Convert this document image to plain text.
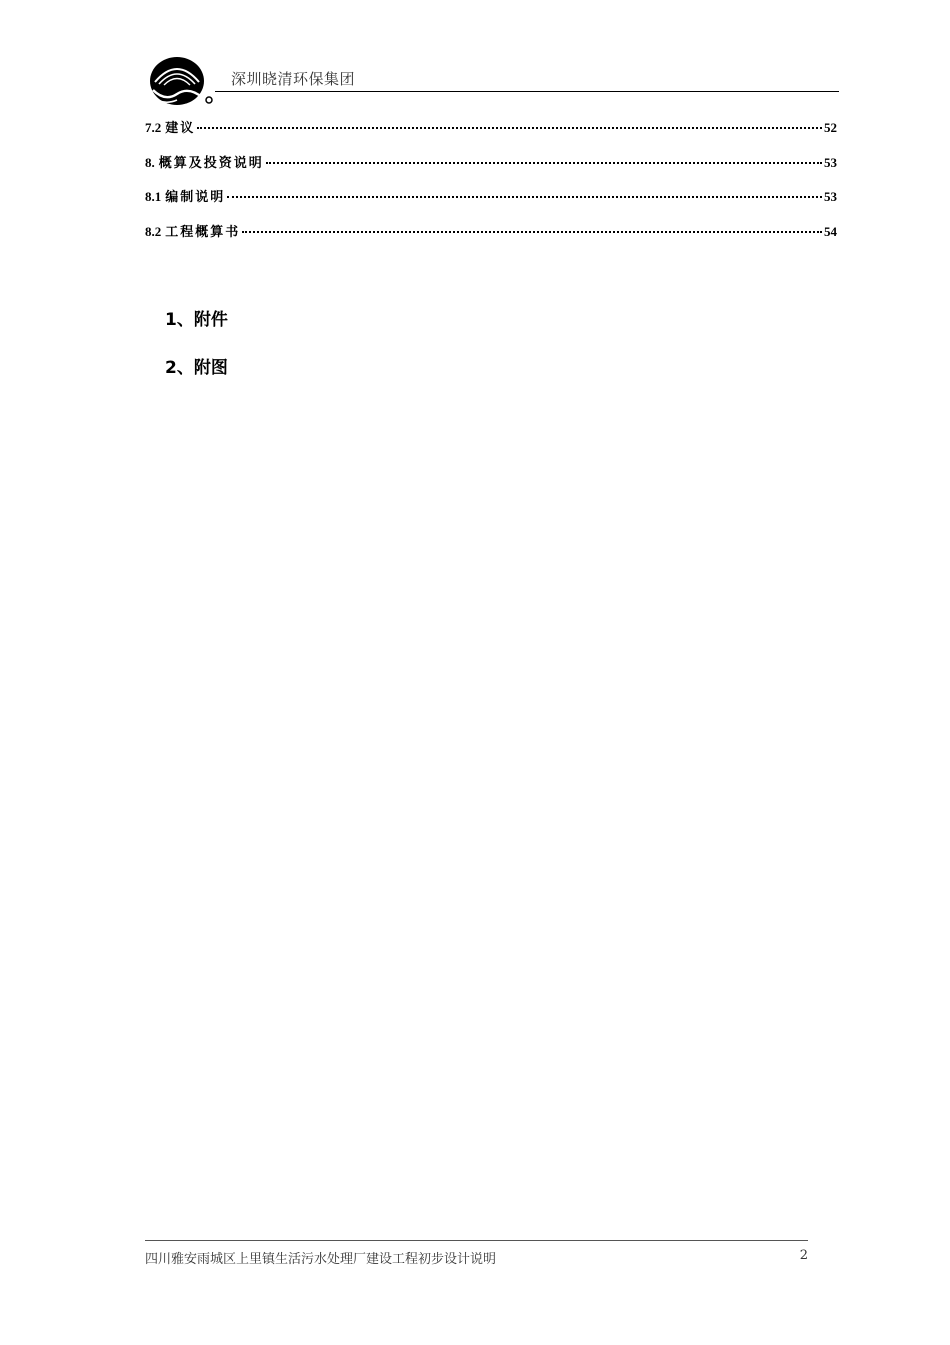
深圳晓清环保集团
7.2 建议	52
8. 概算及投资说明	53
8.1 编制说明	53
8.2 工程概算书	54
1、附件
2、附图
四川雅安雨城区上里镇生活污水处理厂建设工程初步设计说明	2
